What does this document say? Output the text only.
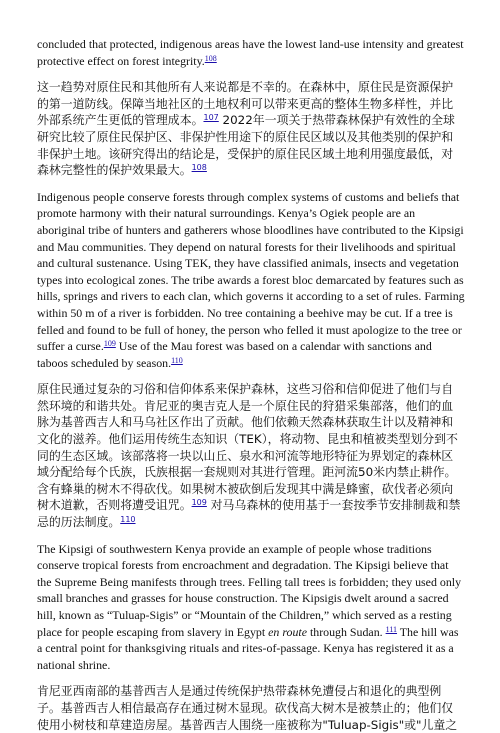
concluded that protected, indigenous areas have the lowest land-use intensity and greatest protective effect on forest integrity.$^{108}$

这一趋势对原住民和其他所有人来说都是不幸的。在森林中，原住民是资源保护的第一道防线。保障当地社区的土地权利可以带来更高的整体生物多样性，并比外部系统产生更低的管理成本。$^{107}$ 2022年一项关于热带森林保护有效性的全球研究比较了原住民保护区、非保护性用途下的原住民区域以及其他类别的保护和非保护土地。该研究得出的结论是，受保护的原住民区域土地利用强度最低，对森林完整性的保护效果最大。$^{108}$

Indigenous people conserve forests through complex systems of customs and beliefs that promote harmony with their natural surroundings. Kenya’s Ogiek people are an aboriginal tribe of hunters and gatherers whose bloodlines have contributed to the Kipsigi and Mau communities. They depend on natural forests for their livelihoods and spiritual and cultural sustenance. Using TEK, they have classified animals, insects and vegetation types into ecological zones. The tribe awards a forest bloc demarcated by features such as hills, springs and rivers to each clan, which governs it according to a set of rules. Farming within 50 m of a river is forbidden. No tree containing a beehive may be cut. If a tree is felled and found to be full of honey, the person who felled it must apologize to the tree or suffer a curse.$^{109}$ Use of the Mau forest was based on a calendar with sanctions and taboos scheduled by season.$^{110}$

原住民通过复杂的习俗和信仰体系来保护森林，这些习俗和信仰促进了他们与自然环境的和谐共处。肯尼亚的奥吉克人是一个原住民的狩猎采集部落，他们的血脉为基普西吉人和马乌社区作出了贡献。他们依赖天然森林获取生计以及精神和文化的滋养。他们运用传统生态知识（TEK），将动物、昆虫和植被类型划分到不同的生态区域。该部落将一块以山丘、泉水和河流等地形特征为界划定的森林区域分配给每个氏族，氏族根据一套规则对其进行管理。距河流50米内禁止耕作。含有蜂巢的树木不得砍伐。如果树木被砍倒后发现其中满是蜂蜜，砍伐者必须向树木道歉，否则将遭受诅咒。$^{109}$ 对马乌森林的使用基于一套按季节安排制裁和禁忌的历法制度。$^{110}$

The Kipsigi of southwestern Kenya provide an example of people whose traditions conserve tropical forests from encroachment and degradation. The Kipsigi believe that the Supreme Being manifests through trees. Felling tall trees is forbidden; they used only small branches and grasses for house construction. The Kipsigis dwelt around a sacred hill, known as “Tuluap-Sigis” or “Mountain of the Children,” which served as a resting place for people escaping from slavery in Egypt en route through Sudan. $^{111}$ The hill was a central point for thanksgiving rituals and rites-of-passage. Kenya has registered it as a national shrine.

肯尼亚西南部的基普西吉人是通过传统保护热带森林免遭侵占和退化的典型例子。基普西吉人相信最高存在通过树木显现。砍伐高大树木是被禁止的；他们仅使用小树枝和草建造房屋。基普西吉人围绕一座被称为"Tuluap-Sigis"或"儿童之
